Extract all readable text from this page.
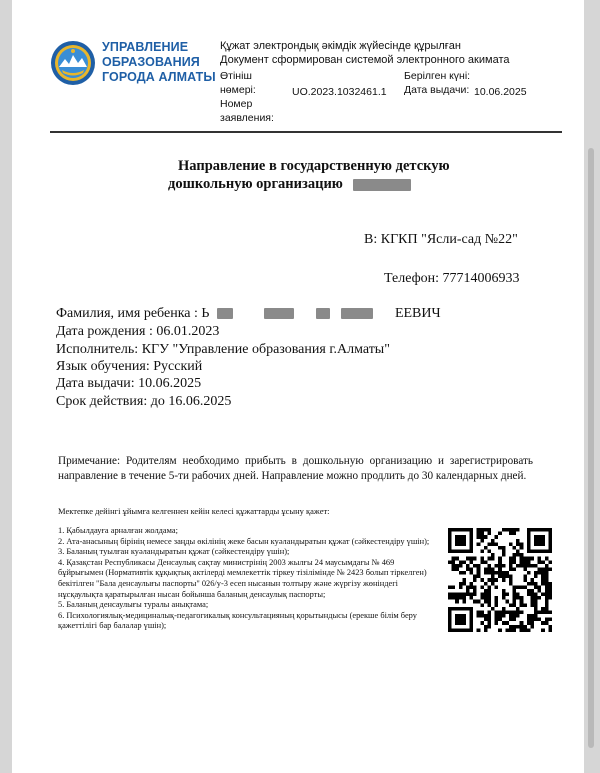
УПРАВЛЕНИЕ
ОБРАЗОВАНИЯ
ГОРОДА АЛМАТЫ
Құжат электрондық әкімдік жүйесінде құрылған
Документ сформирован системой электронного акимата
Өтініш нөмері: Номер заявления:
UO.2023.1032461.1
Берілген күні: Дата выдачи: 10.06.2025
Направление в государственную детскую
дошкольную организацию
В: КГКП "Ясли-сад №22"
Телефон: 77714006933
Фамилия, имя ребенка : Ь	ЕЕВИЧ
Дата рождения : 06.01.2023
Исполнитель: КГУ "Управление образования г.Алматы"
Язык обучения: Русский
Дата выдачи: 10.06.2025
Срок действия: до 16.06.2025
Примечание: Родителям необходимо прибыть в дошкольную организацию и зарегистрировать направление в течение 5-ти рабочих дней. Направление можно продлить до 30 календарных дней.
Мектепке дейінгі ұйымға келгеннен кейін келесі құжаттарды ұсыну қажет:
1. Қабылдауға арналған жолдама;
2. Ата-анасының бірінің немесе заңды өкілінің жеке басын куәландыратын құжат (сәйкестендіру үшін);
3. Баланың туылған куәландыратын құжат (сәйкестендіру үшін);
4. Қазақстан Республикасы Денсаулық сақтау министрінің 2003 жылғы 24 маусымдағы № 469 бұйрығымен (Нормативтік құқықтық актілерді мемлекеттік тіркеу тізілімінде № 2423 болып тіркелген) бекітілген "Бала денсаулығы паспорты" 026/у-3 есеп нысанын толтыру және жүргізу жөніндегі нұсқаулықта қаратырылған нысан бойынша баланың денсаулық паспорты;
5. Баланың денсаулығы туралы анықтама;
6. Психологиялық-медициналық-педагогикалық консультацияның қорытындысы (ерекше білім беру қажеттілігі бар балалар үшін);
